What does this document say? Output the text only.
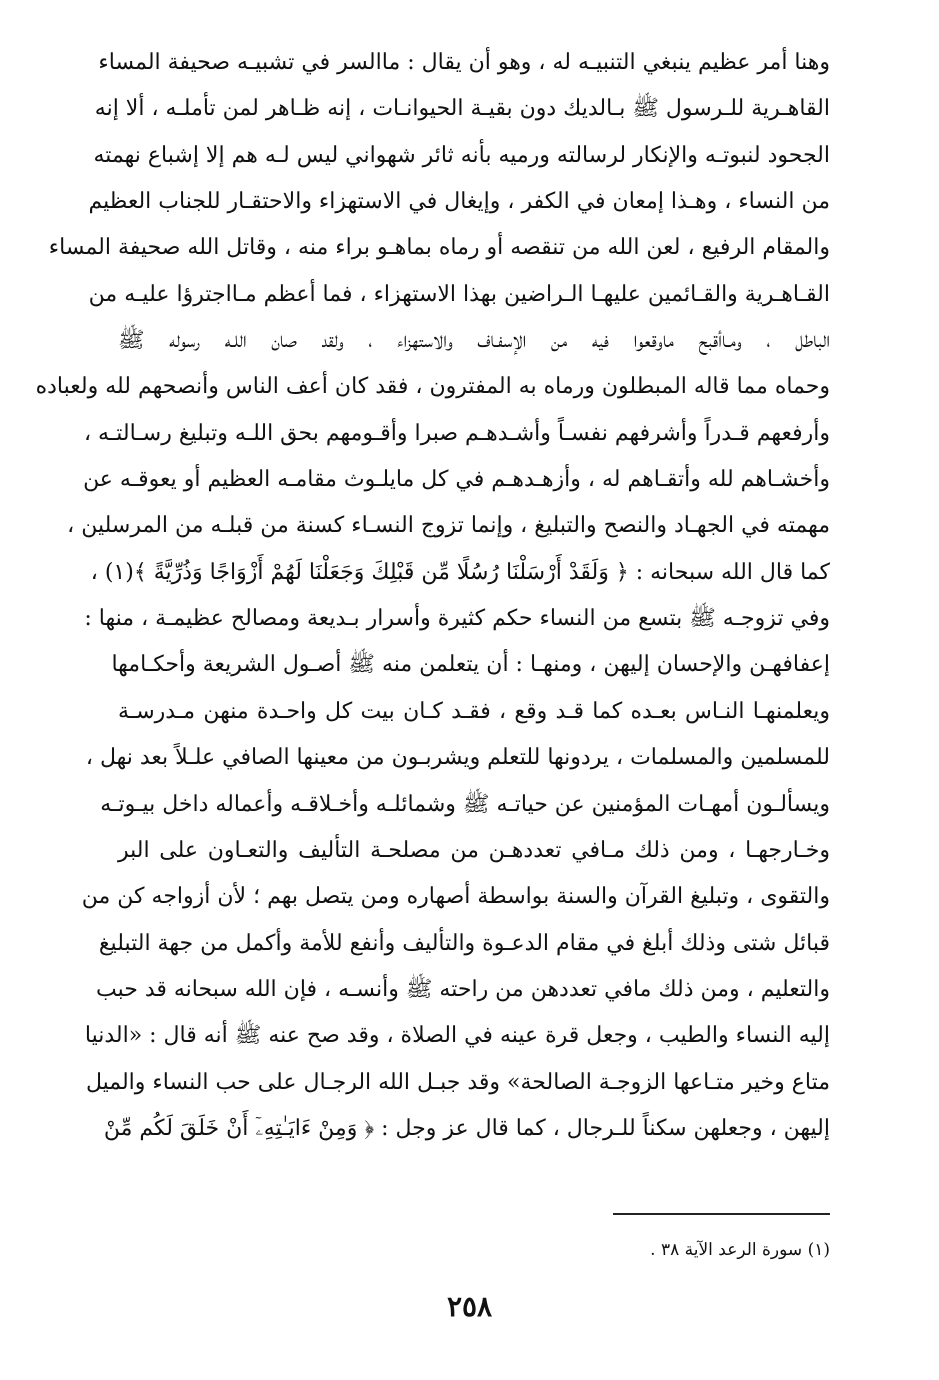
وهنا أمر عظيم ينبغي التنبيـه له ، وهو أن يقال : ماالسر في تشبيـه صحيفة المساء
القاهـرية للـرسول ﷺ بـالديك دون بقيـة الحيوانـات ، إنه ظـاهر لمن تأملـه ، ألا إنه
الجحود لنبوتـه والإنكار لرسالته ورميه بأنه ثائر شهواني ليس لـه هم إلا إشباع نهمته
من النساء ، وهـذا إمعان في الكفر ، وإيغال في الاستهزاء والاحتقـار للجناب العظيم
والمقام الرفيع ، لعن الله من تنقصه أو رماه بماهـو براء منه ، وقاتل الله صحيفة المساء
القـاهـرية والقـائمين عليهـا الـراضين بهذا الاستهزاء ، فما أعظم مـااجترؤا عليـه من
الباطل ، ومـاأقبح ماوقعوا فيه من الإسفـاف والاستهزاء ، ولقد صان اللـه رسوله ﷺ
وحماه مما قاله المبطلون ورماه به المفترون ، فقد كان أعف الناس وأنصحهم لله ولعباده
وأرفعهم قـدراً وأشرفهم نفسـاً وأشـدهـم صبرا وأقـومهم بحق اللـه وتبليغ رسـالتـه ،
وأخشـاهم لله وأتقـاهم له ، وأزهـدهـم في كل مايلـوث مقامـه العظيم أو يعوقـه عن
مهمته في الجهـاد والنصح والتبليغ ، وإنما تزوج النسـاء كسنة من قبلـه من المرسلين ،
كما قال الله سبحانه : ﴿ وَلَقَدْ أَرْسَلْنَا رُسُلًا مِّن قَبْلِكَ وَجَعَلْنَا لَهُمْ أَزْوَاجًا وَذُرِّيَّةً ﴾(١) ،
وفي تزوجـه ﷺ بتسع من النساء حكم كثيرة وأسرار بـديعة ومصالح عظيمـة ، منها :
إعفافهـن والإحسان إليهن ، ومنهـا : أن يتعلمن منه ﷺ أصـول الشريعة وأحكـامها
ويعلمنهـا النـاس بعـده كما قـد وقع ، فقـد كـان بيت كل واحـدة منهن مـدرسـة
للمسلمين والمسلمات ، يردونها للتعلم ويشربـون من معينها الصافي علـلاً بعد نهل ،
ويسألـون أمهـات المؤمنين عن حياتـه ﷺ وشمائلـه وأخـلاقـه وأعماله داخل بيـوتـه
وخـارجهـا ، ومن ذلك مـافي تعددهـن من مصلحـة التأليف والتعـاون على البر
والتقوى ، وتبليغ القرآن والسنة بواسطة أصهاره ومن يتصل بهم ؛ لأن أزواجه كن من
قبائل شتى وذلك أبلغ في مقام الدعـوة والتأليف وأنفع للأمة وأكمل من جهة التبليغ
والتعليم ، ومن ذلك مافي تعددهن من راحته ﷺ وأنسـه ، فإن الله سبحانه قد حبب
إليه النساء والطيب ، وجعل قرة عينه في الصلاة ، وقد صح عنه ﷺ أنه قال : «الدنيا
متاع وخير متـاعها الزوجـة الصالحة» وقد جبـل الله الرجـال على حب النساء والميل
إليهن ، وجعلهن سكناً للـرجال ، كما قال عز وجل : ﴿ وَمِنْ ءَايَـٰتِهِۦٓ أَنْ خَلَقَ لَكُم مِّنْ
(١) سورة الرعد الآية ٣٨ .
٢٥٨
